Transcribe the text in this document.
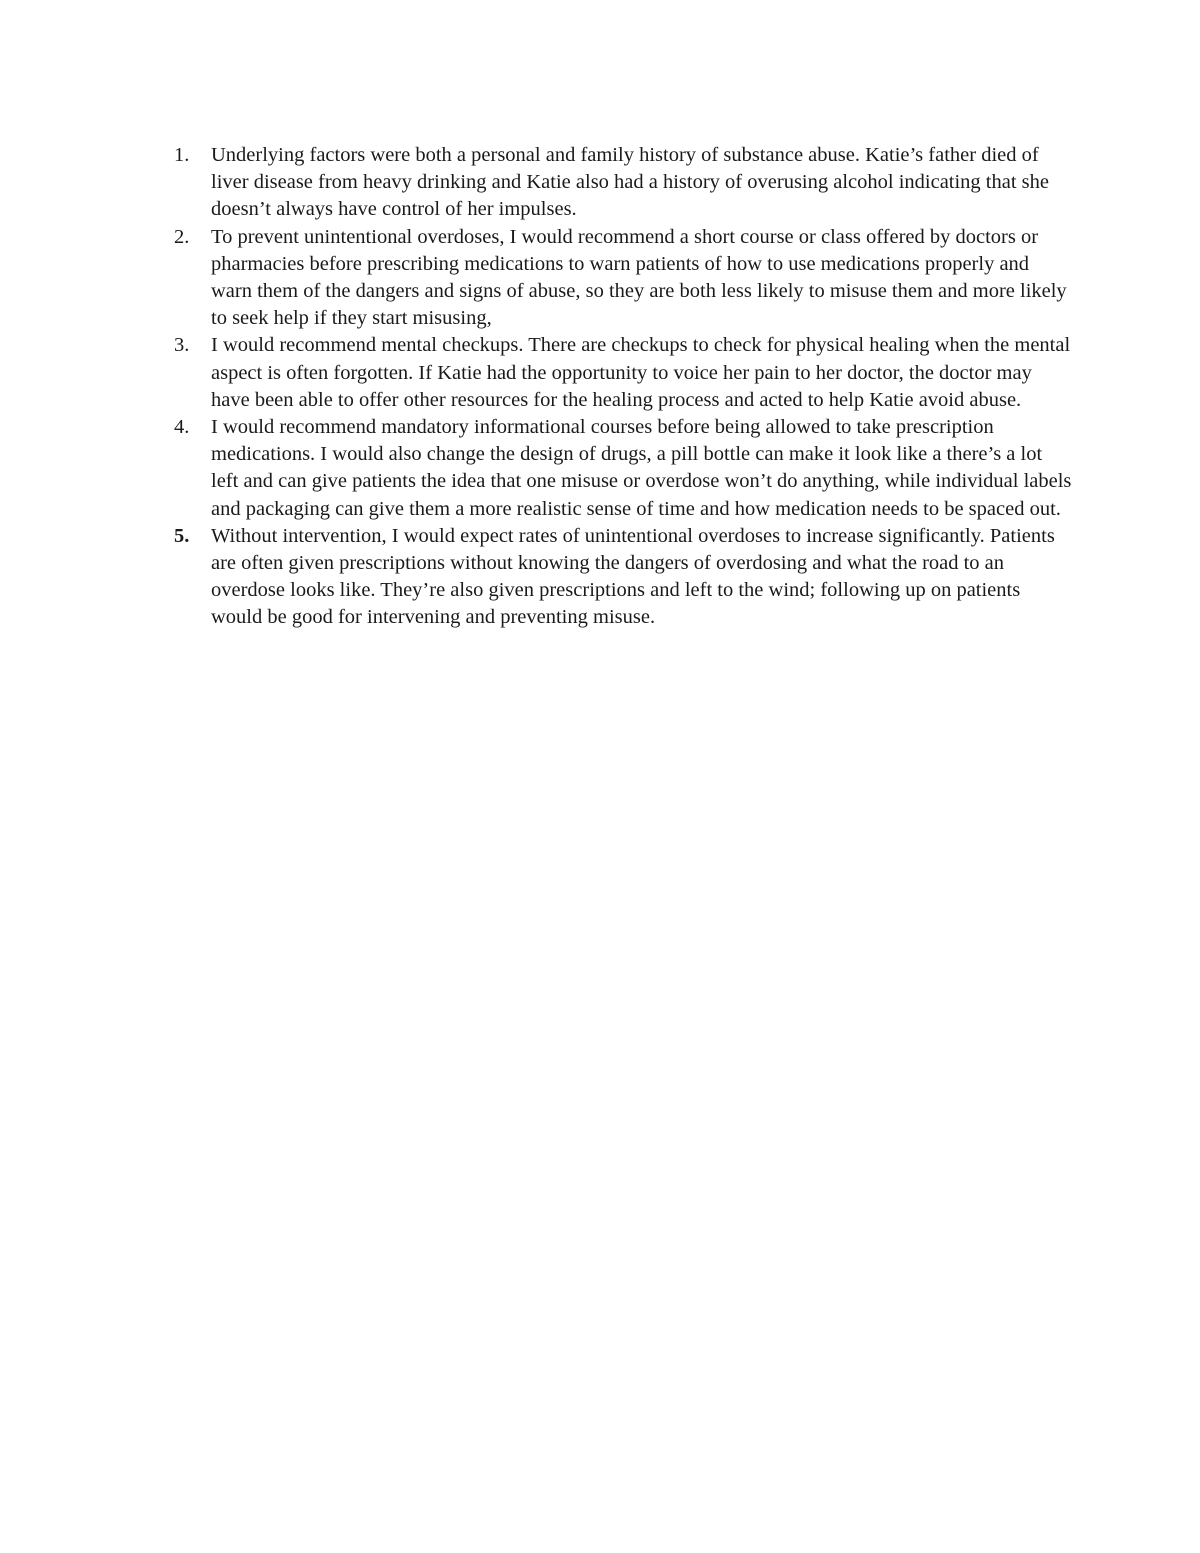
1.	Underlying factors were both a personal and family history of substance abuse. Katie’s father died of liver disease from heavy drinking and Katie also had a history of overusing alcohol indicating that she doesn’t always have control of her impulses.
2.	To prevent unintentional overdoses, I would recommend a short course or class offered by doctors or pharmacies before prescribing medications to warn patients of how to use medications properly and warn them of the dangers and signs of abuse, so they are both less likely to misuse them and more likely to seek help if they start misusing,
3.	I would recommend mental checkups. There are checkups to check for physical healing when the mental aspect is often forgotten. If Katie had the opportunity to voice her pain to her doctor, the doctor may have been able to offer other resources for the healing process and acted to help Katie avoid abuse.
4.	I would recommend mandatory informational courses before being allowed to take prescription medications. I would also change the design of drugs, a pill bottle can make it look like a there’s a lot left and can give patients the idea that one misuse or overdose won’t do anything, while individual labels and packaging can give them a more realistic sense of time and how medication needs to be spaced out.
5.	Without intervention, I would expect rates of unintentional overdoses to increase significantly. Patients are often given prescriptions without knowing the dangers of overdosing and what the road to an overdose looks like. They’re also given prescriptions and left to the wind; following up on patients would be good for intervening and preventing misuse.
